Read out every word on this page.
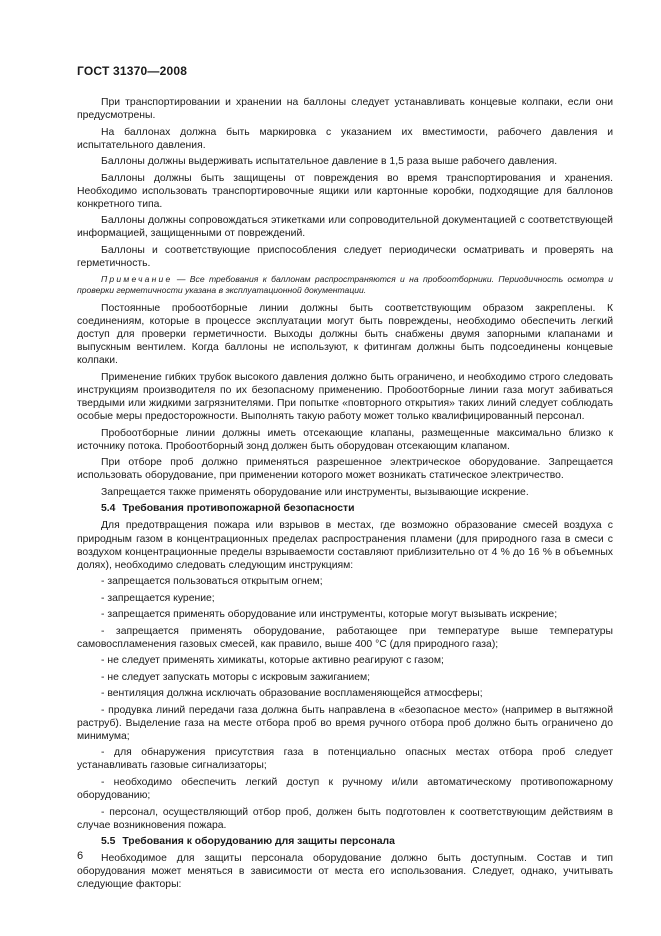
ГОСТ 31370—2008

При транспортировании и хранении на баллоны следует устанавливать концевые колпаки, если они предусмотрены.

На баллонах должна быть маркировка с указанием их вместимости, рабочего давления и испытательного давления.

Баллоны должны выдерживать испытательное давление в 1,5 раза выше рабочего давления.

Баллоны должны быть защищены от повреждения во время транспортирования и хранения. Необходимо использовать транспортировочные ящики или картонные коробки, подходящие для баллонов конкретного типа.

Баллоны должны сопровождаться этикетками или сопроводительной документацией с соответствующей информацией, защищенными от повреждений.

Баллоны и соответствующие приспособления следует периодически осматривать и проверять на герметичность.

Примечание — Все требования к баллонам распространяются и на пробоотборники. Периодичность осмотра и проверки герметичности указана в эксплуатационной документации.

Постоянные пробоотборные линии должны быть соответствующим образом закреплены. К соединениям, которые в процессе эксплуатации могут быть повреждены, необходимо обеспечить легкий доступ для проверки герметичности. Выходы должны быть снабжены двумя запорными клапанами и выпускным вентилем. Когда баллоны не используют, к фитингам должны быть подсоединены концевые колпаки.

Применение гибких трубок высокого давления должно быть ограничено, и необходимо строго следовать инструкциям производителя по их безопасному применению. Пробоотборные линии газа могут забиваться твердыми или жидкими загрязнителями. При попытке «повторного открытия» таких линий следует соблюдать особые меры предосторожности. Выполнять такую работу может только квалифицированный персонал.

Пробоотборные линии должны иметь отсекающие клапаны, размещенные максимально близко к источнику потока. Пробоотборный зонд должен быть оборудован отсекающим клапаном.

При отборе проб должно применяться разрешенное электрическое оборудование. Запрещается использовать оборудование, при применении которого может возникать статическое электричество.

Запрещается также применять оборудование или инструменты, вызывающие искрение.

5.4 Требования противопожарной безопасности

Для предотвращения пожара или взрывов в местах, где возможно образование смесей воздуха с природным газом в концентрационных пределах распространения пламени (для природного газа в смеси с воздухом концентрационные пределы взрываемости составляют приблизительно от 4 % до 16 % в объемных долях), необходимо следовать следующим инструкциям:

- запрещается пользоваться открытым огнем;

- запрещается курение;

- запрещается применять оборудование или инструменты, которые могут вызывать искрение;

- запрещается применять оборудование, работающее при температуре выше температуры самовоспламенения газовых смесей, как правило, выше 400 °С (для природного газа);

- не следует применять химикаты, которые активно реагируют с газом;

- не следует запускать моторы с искровым зажиганием;

- вентиляция должна исключать образование воспламеняющейся атмосферы;

- продувка линий передачи газа должна быть направлена в «безопасное место» (например в вытяжной раструб). Выделение газа на месте отбора проб во время ручного отбора проб должно быть ограничено до минимума;

- для обнаружения присутствия газа в потенциально опасных местах отбора проб следует устанавливать газовые сигнализаторы;

- необходимо обеспечить легкий доступ к ручному и/или автоматическому противопожарному оборудованию;

- персонал, осуществляющий отбор проб, должен быть подготовлен к соответствующим действиям в случае возникновения пожара.

5.5 Требования к оборудованию для защиты персонала

Необходимое для защиты персонала оборудование должно быть доступным. Состав и тип оборудования может меняться в зависимости от места его использования. Следует, однако, учитывать следующие факторы:

6
